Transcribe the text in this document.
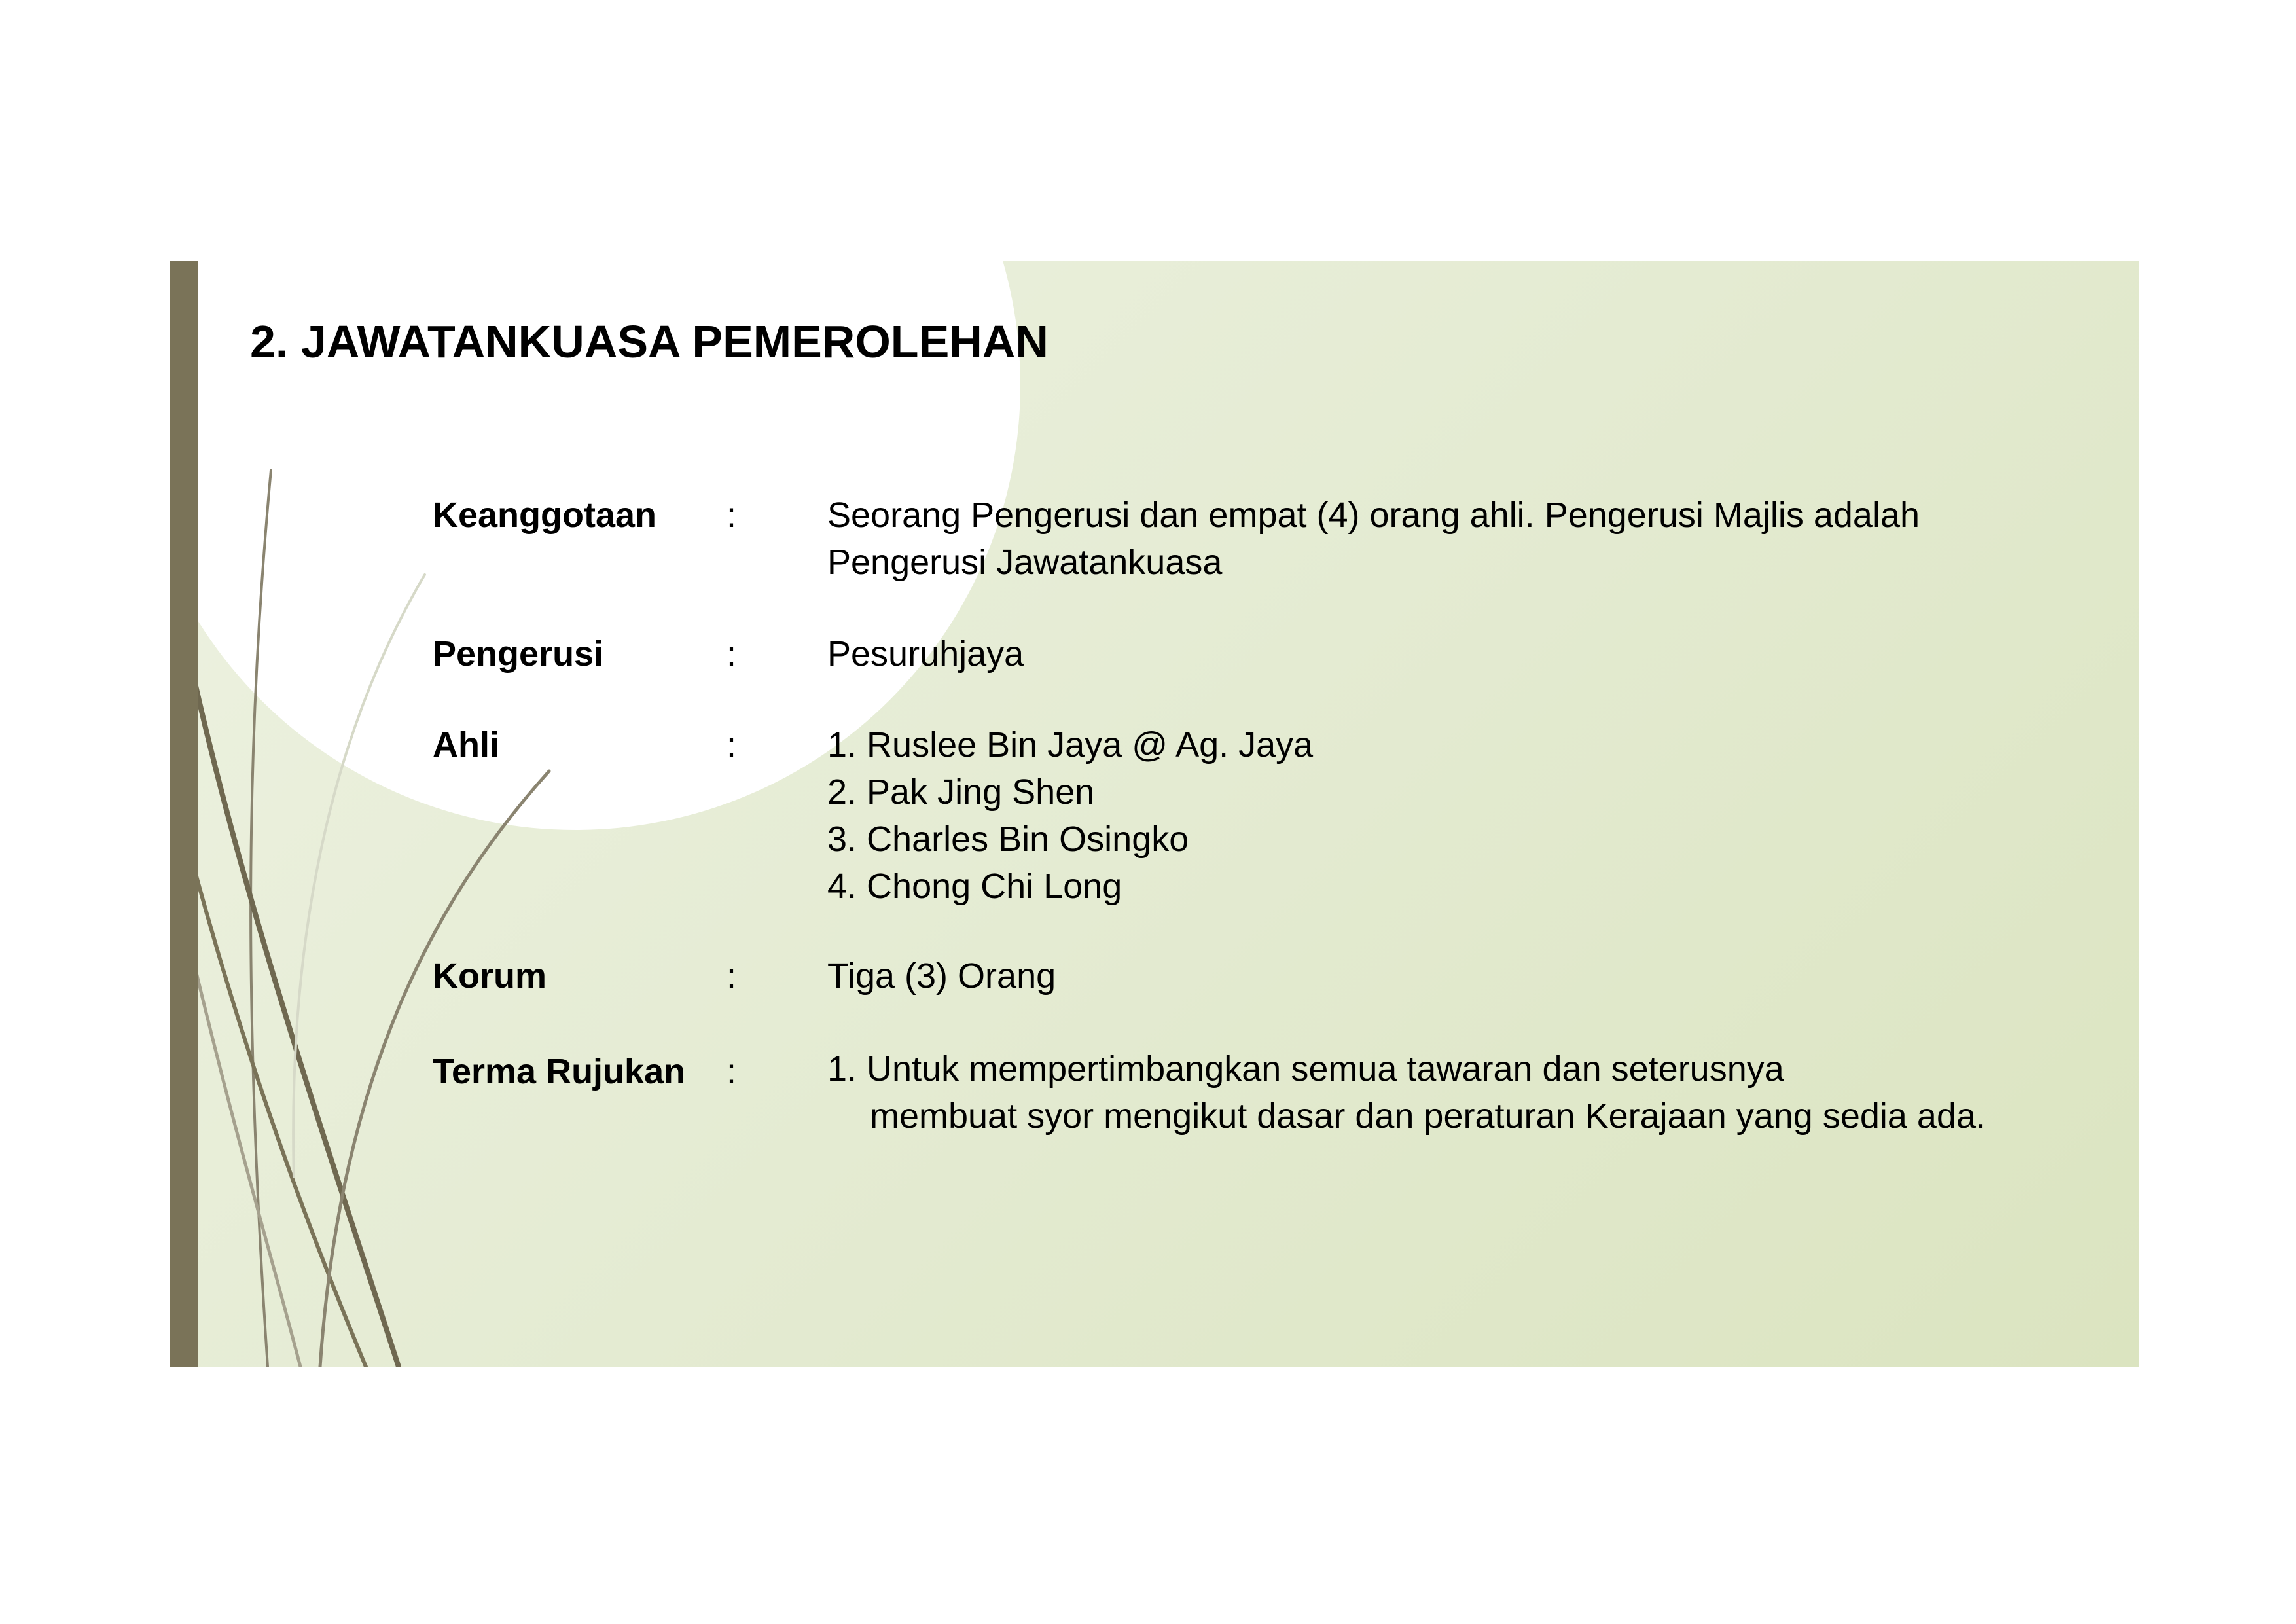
2. JAWATANKUASA PEMEROLEHAN
Keanggotaan :	Seorang Pengerusi dan empat (4) orang ahli. Pengerusi Majlis adalah
Pengerusi Jawatankuasa
Pengerusi	:	Pesuruhjaya
Ahli	:	1. Ruslee Bin Jaya @ Ag. Jaya
2. Pak Jing Shen
3. Charles Bin Osingko
4. Chong Chi Long
Korum	:	Tiga (3) Orang
Terma Rujukan :	1. Untuk mempertimbangkan semua tawaran dan seterusnya
membuat syor mengikut dasar dan peraturan Kerajaan yang sedia ada.
